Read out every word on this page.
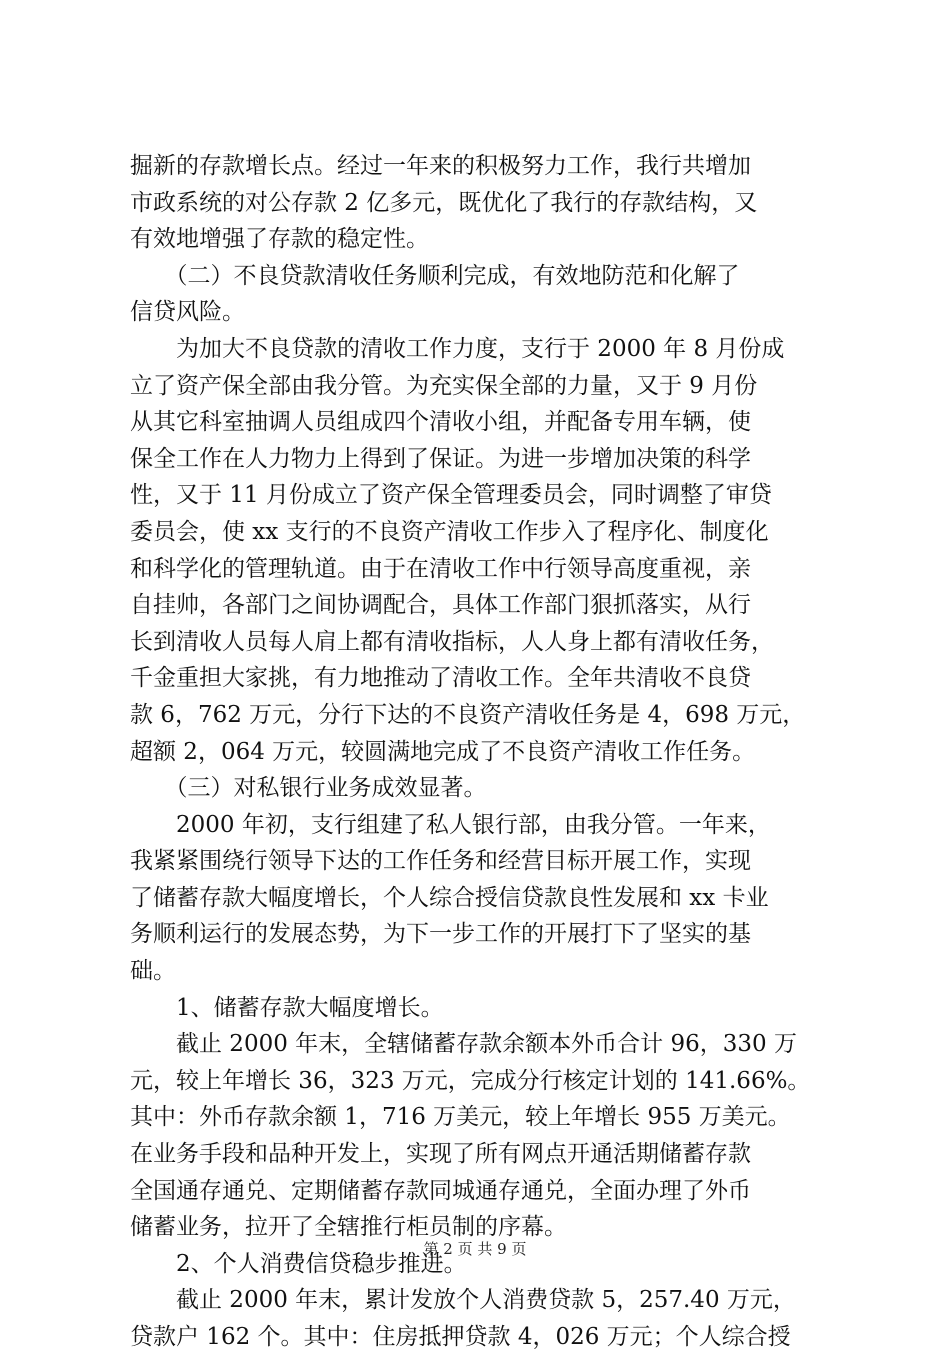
掘新的存款增长点。经过一年来的积极努力工作，我行共增加
市政系统的对公存款 2 亿多元，既优化了我行的存款结构，又
有效地增强了存款的稳定性。
　　（二）不良贷款清收任务顺利完成，有效地防范和化解了
信贷风险。
　　为加大不良贷款的清收工作力度，支行于 2000 年 8 月份成
立了资产保全部由我分管。为充实保全部的力量，又于 9 月份
从其它科室抽调人员组成四个清收小组，并配备专用车辆，使
保全工作在人力物力上得到了保证。为进一步增加决策的科学
性，又于 11 月份成立了资产保全管理委员会，同时调整了审贷
委员会，使 xx 支行的不良资产清收工作步入了程序化、制度化
和科学化的管理轨道。由于在清收工作中行领导高度重视，亲
自挂帅，各部门之间协调配合，具体工作部门狠抓落实，从行
长到清收人员每人肩上都有清收指标，人人身上都有清收任务，
千金重担大家挑，有力地推动了清收工作。全年共清收不良贷
款 6，762 万元，分行下达的不良资产清收任务是 4，698 万元，
超额 2，064 万元，较圆满地完成了不良资产清收工作任务。
　　（三）对私银行业务成效显著。
　　2000 年初，支行组建了私人银行部，由我分管。一年来，
我紧紧围绕行领导下达的工作任务和经营目标开展工作，实现
了储蓄存款大幅度增长，个人综合授信贷款良性发展和 xx 卡业
务顺利运行的发展态势，为下一步工作的开展打下了坚实的基
础。
　　1、储蓄存款大幅度增长。
　　截止 2000 年末，全辖储蓄存款余额本外币合计 96，330 万
元，较上年增长 36，323 万元，完成分行核定计划的 141.66%。
其中：外币存款余额 1，716 万美元，较上年增长 955 万美元。
在业务手段和品种开发上，实现了所有网点开通活期储蓄存款
全国通存通兑、定期储蓄存款同城通存通兑，全面办理了外币
储蓄业务，拉开了全辖推行柜员制的序幕。
　　2、个人消费信贷稳步推进。
　　截止 2000 年末，累计发放个人消费贷款 5，257.40 万元，
贷款户 162 个。其中：住房抵押贷款 4，026 万元；个人综合授
第 2 页 共 9 页
